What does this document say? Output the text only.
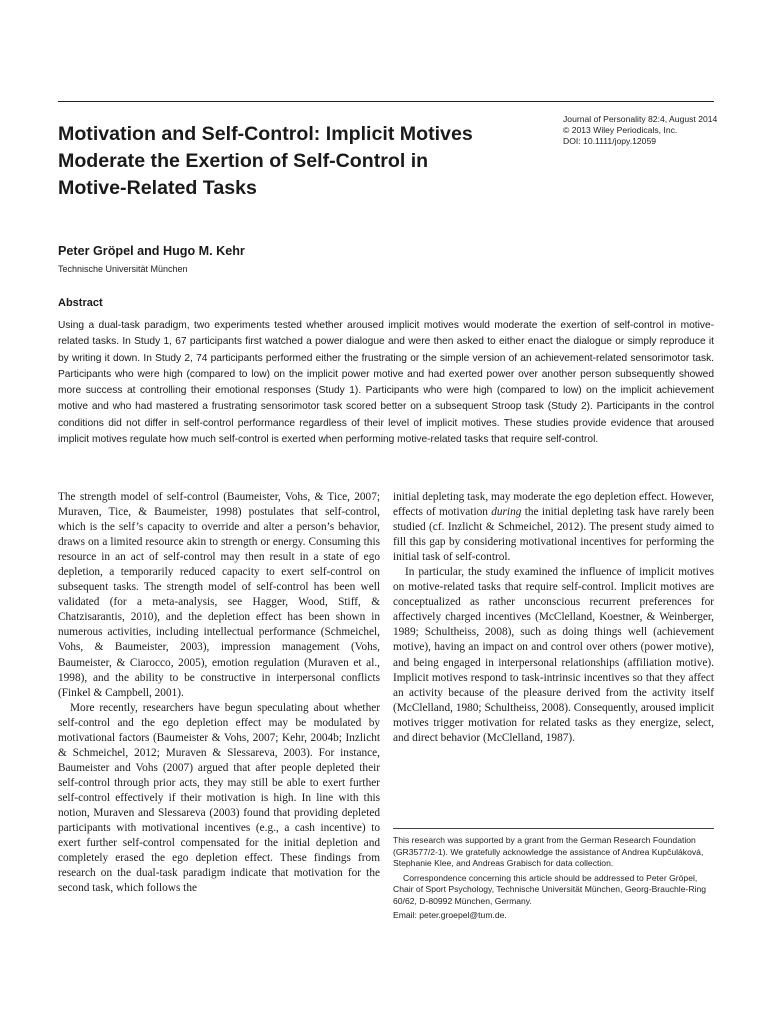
Journal of Personality 82:4, August 2014
© 2013 Wiley Periodicals, Inc.
DOI: 10.1111/jopy.12059
Motivation and Self-Control: Implicit Motives Moderate the Exertion of Self-Control in Motive-Related Tasks
Peter Gröpel and Hugo M. Kehr
Technische Universität München
Abstract

Using a dual-task paradigm, two experiments tested whether aroused implicit motives would moderate the exertion of self-control in motive-related tasks. In Study 1, 67 participants first watched a power dialogue and were then asked to either enact the dialogue or simply reproduce it by writing it down. In Study 2, 74 participants performed either the frustrating or the simple version of an achievement-related sensorimotor task. Participants who were high (compared to low) on the implicit power motive and had exerted power over another person subsequently showed more success at controlling their emotional responses (Study 1). Participants who were high (compared to low) on the implicit achievement motive and who had mastered a frustrating sensorimotor task scored better on a subsequent Stroop task (Study 2). Participants in the control conditions did not differ in self-control performance regardless of their level of implicit motives. These studies provide evidence that aroused implicit motives regulate how much self-control is exerted when performing motive-related tasks that require self-control.

The strength model of self-control (Baumeister, Vohs, & Tice, 2007; Muraven, Tice, & Baumeister, 1998) postulates that self-control, which is the self’s capacity to override and alter a person’s behavior, draws on a limited resource akin to strength or energy. Consuming this resource in an act of self-control may then result in a state of ego depletion, a temporarily reduced capacity to exert self-control on subsequent tasks. The strength model of self-control has been well validated (for a meta-analysis, see Hagger, Wood, Stiff, & Chatzisarantis, 2010), and the depletion effect has been shown in numerous activities, including intellectual performance (Schmeichel, Vohs, & Baumeister, 2003), impression management (Vohs, Baumeister, & Ciarocco, 2005), emotion regulation (Muraven et al., 1998), and the ability to be constructive in interpersonal conflicts (Finkel & Campbell, 2001).

More recently, researchers have begun speculating about whether self-control and the ego depletion effect may be modulated by motivational factors (Baumeister & Vohs, 2007; Kehr, 2004b; Inzlicht & Schmeichel, 2012; Muraven & Slessareva, 2003). For instance, Baumeister and Vohs (2007) argued that after people depleted their self-control through prior acts, they may still be able to exert further self-control effectively if their motivation is high. In line with this notion, Muraven and Slessareva (2003) found that providing depleted participants with motivational incentives (e.g., a cash incentive) to exert further self-control compensated for the initial depletion and completely erased the ego depletion effect. These findings from research on the dual-task paradigm indicate that motivation for the second task, which follows the

initial depleting task, may moderate the ego depletion effect. However, effects of motivation during the initial depleting task have rarely been studied (cf. Inzlicht & Schmeichel, 2012). The present study aimed to fill this gap by considering motivational incentives for performing the initial task of self-control.

In particular, the study examined the influence of implicit motives on motive-related tasks that require self-control. Implicit motives are conceptualized as rather unconscious recurrent preferences for affectively charged incentives (McClelland, Koestner, & Weinberger, 1989; Schultheiss, 2008), such as doing things well (achievement motive), having an impact on and control over others (power motive), and being engaged in interpersonal relationships (affiliation motive). Implicit motives respond to task-intrinsic incentives so that they affect an activity because of the pleasure derived from the activity itself (McClelland, 1980; Schultheiss, 2008). Consequently, aroused implicit motives trigger motivation for related tasks as they energize, select, and direct behavior (McClelland, 1987).

This research was supported by a grant from the German Research Foundation (GR3577/2-1). We gratefully acknowledge the assistance of Andrea Kupčuláková, Stephanie Klee, and Andreas Grabisch for data collection.

Correspondence concerning this article should be addressed to Peter Gröpel, Chair of Sport Psychology, Technische Universität München, Georg-Brauchle-Ring 60/62, D-80992 München, Germany.

Email: peter.groepel@tum.de.
